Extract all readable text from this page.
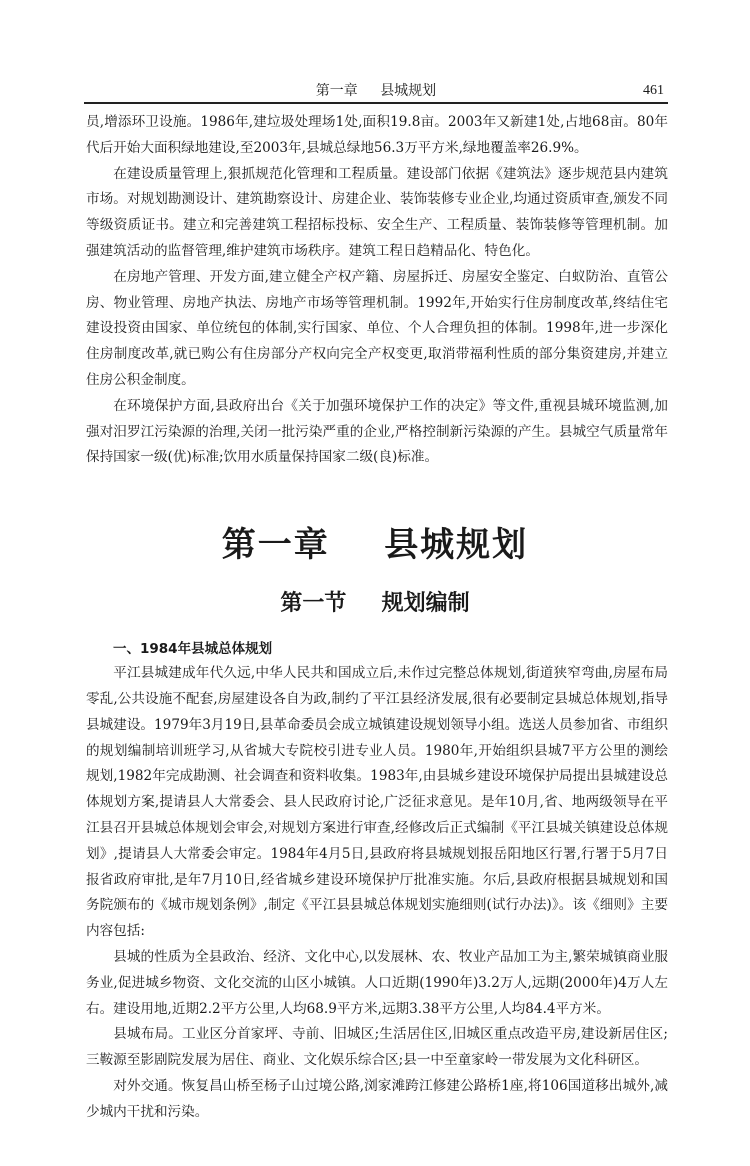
第一章 县城规划	461

员,增添环卫设施。1986年,建垃圾处理场1处,面积19.8亩。2003年又新建1处,占地68亩。80年代后开始大面积绿地建设,至2003年,县城总绿地56.3万平方米,绿地覆盖率26.9%。

在建设质量管理上,狠抓规范化管理和工程质量。建设部门依据《建筑法》逐步规范县内建筑市场。对规划勘测设计、建筑勘察设计、房建企业、装饰装修专业企业,均通过资质审查,颁发不同等级资质证书。建立和完善建筑工程招标投标、安全生产、工程质量、装饰装修等管理机制。加强建筑活动的监督管理,维护建筑市场秩序。建筑工程日趋精品化、特色化。

在房地产管理、开发方面,建立健全产权产籍、房屋拆迁、房屋安全鉴定、白蚁防治、直管公房、物业管理、房地产执法、房地产市场等管理机制。1992年,开始实行住房制度改革,终结住宅建设投资由国家、单位统包的体制,实行国家、单位、个人合理负担的体制。1998年,进一步深化住房制度改革,就已购公有住房部分产权向完全产权变更,取消带福利性质的部分集资建房,并建立住房公积金制度。

在环境保护方面,县政府出台《关于加强环境保护工作的决定》等文件,重视县城环境监测,加强对汨罗江污染源的治理,关闭一批污染严重的企业,严格控制新污染源的产生。县城空气质量常年保持国家一级(优)标准;饮用水质量保持国家二级(良)标准。

第一章 县城规划
第一节 规划编制
一、1984年县城总体规划

平江县城建成年代久远,中华人民共和国成立后,未作过完整总体规划,街道狭窄弯曲,房屋布局零乱,公共设施不配套,房屋建设各自为政,制约了平江县经济发展,很有必要制定县城总体规划,指导县城建设。1979年3月19日,县革命委员会成立城镇建设规划领导小组。选送人员参加省、市组织的规划编制培训班学习,从省城大专院校引进专业人员。1980年,开始组织县城7平方公里的测绘规划,1982年完成勘测、社会调查和资料收集。1983年,由县城乡建设环境保护局提出县城建设总体规划方案,提请县人大常委会、县人民政府讨论,广泛征求意见。是年10月,省、地两级领导在平江县召开县城总体规划会审会,对规划方案进行审查,经修改后正式编制《平江县城关镇建设总体规划》,提请县人大常委会审定。1984年4月5日,县政府将县城规划报岳阳地区行署,行署于5月7日报省政府审批,是年7月10日,经省城乡建设环境保护厅批准实施。尔后,县政府根据县城规划和国务院颁布的《城市规划条例》,制定《平江县县城总体规划实施细则(试行办法)》。该《细则》主要内容包括:

县城的性质为全县政治、经济、文化中心,以发展林、农、牧业产品加工为主,繁荣城镇商业服务业,促进城乡物资、文化交流的山区小城镇。人口近期(1990年)3.2万人,远期(2000年)4万人左右。建设用地,近期2.2平方公里,人均68.9平方米,远期3.38平方公里,人均84.4平方米。

县城布局。工业区分首家坪、寺前、旧城区;生活居住区,旧城区重点改造平房,建设新居住区;三鞍源至影剧院发展为居住、商业、文化娱乐综合区;县一中至童家岭一带发展为文化科研区。

对外交通。恢复昌山桥至杨子山过境公路,浏家滩跨江修建公路桥1座,将106国道移出城外,减少城内干扰和污染。
